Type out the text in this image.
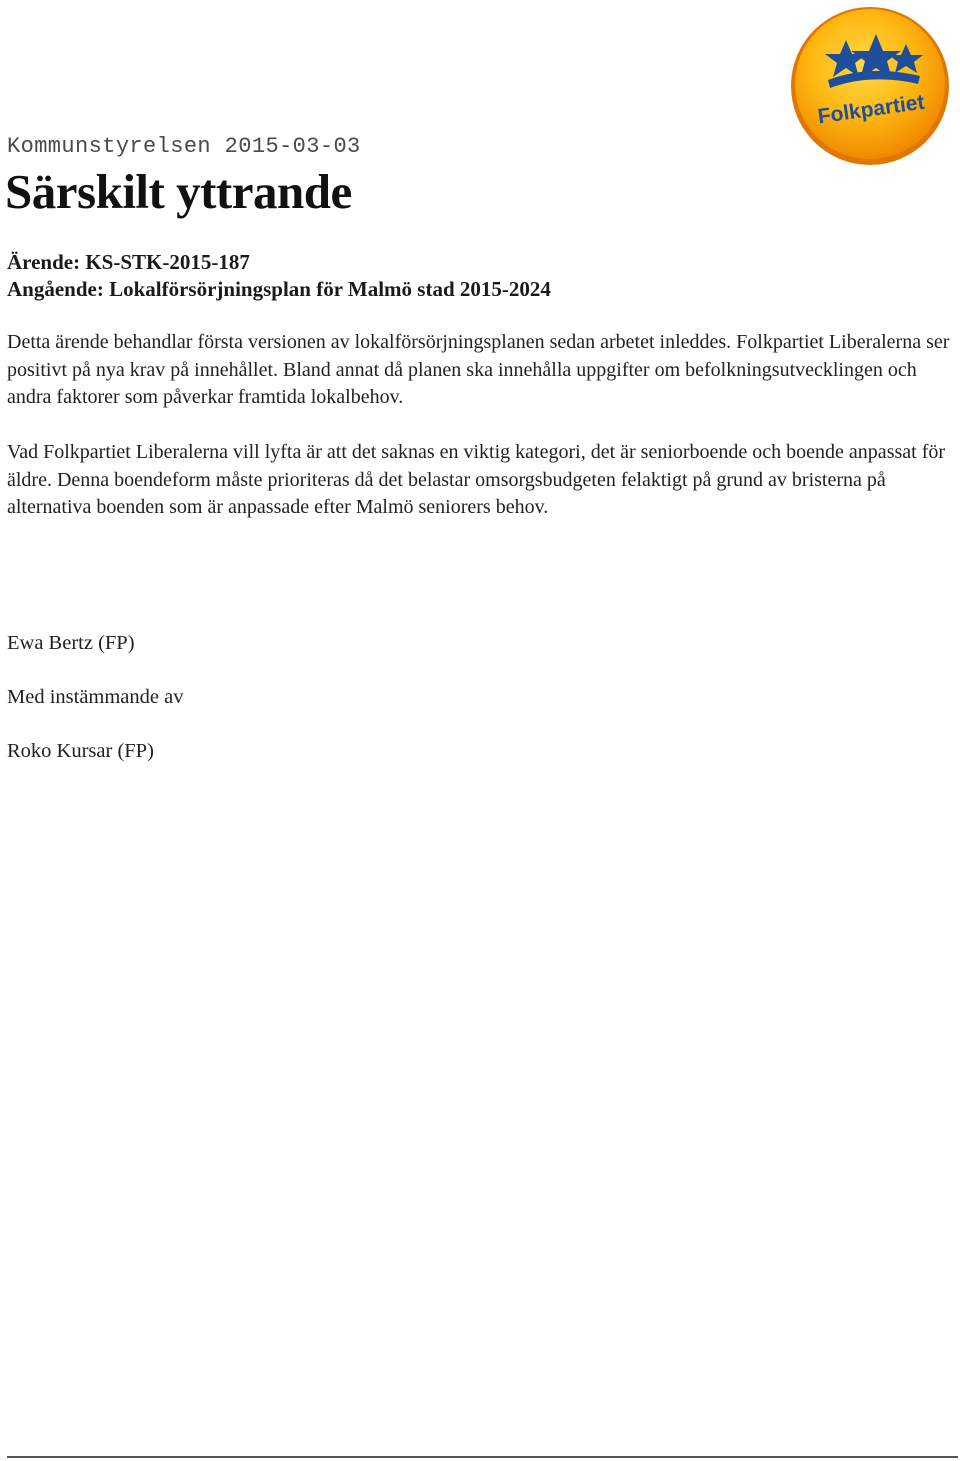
Folkpartiet
Kommunstyrelsen 2015-03-03
Särskilt yttrande
Ärende: KS-STK-2015-187
Angående: Lokalförsörjningsplan för Malmö stad 2015-2024

Detta ärende behandlar första versionen av lokalförsörjningsplanen sedan arbetet inleddes. Folkpartiet Liberalerna ser positivt på nya krav på innehållet. Bland annat då planen ska innehålla uppgifter om befolkningsutvecklingen och andra faktorer som påverkar framtida lokalbehov.

Vad Folkpartiet Liberalerna vill lyfta är att det saknas en viktig kategori, det är seniorboende och boende anpassat för äldre. Denna boendeform måste prioriteras då det belastar omsorgsbudgeten felaktigt på grund av bristerna på alternativa boenden som är anpassade efter Malmö seniorers behov.

Ewa Bertz (FP)
Med instämmande av
Roko Kursar (FP)
